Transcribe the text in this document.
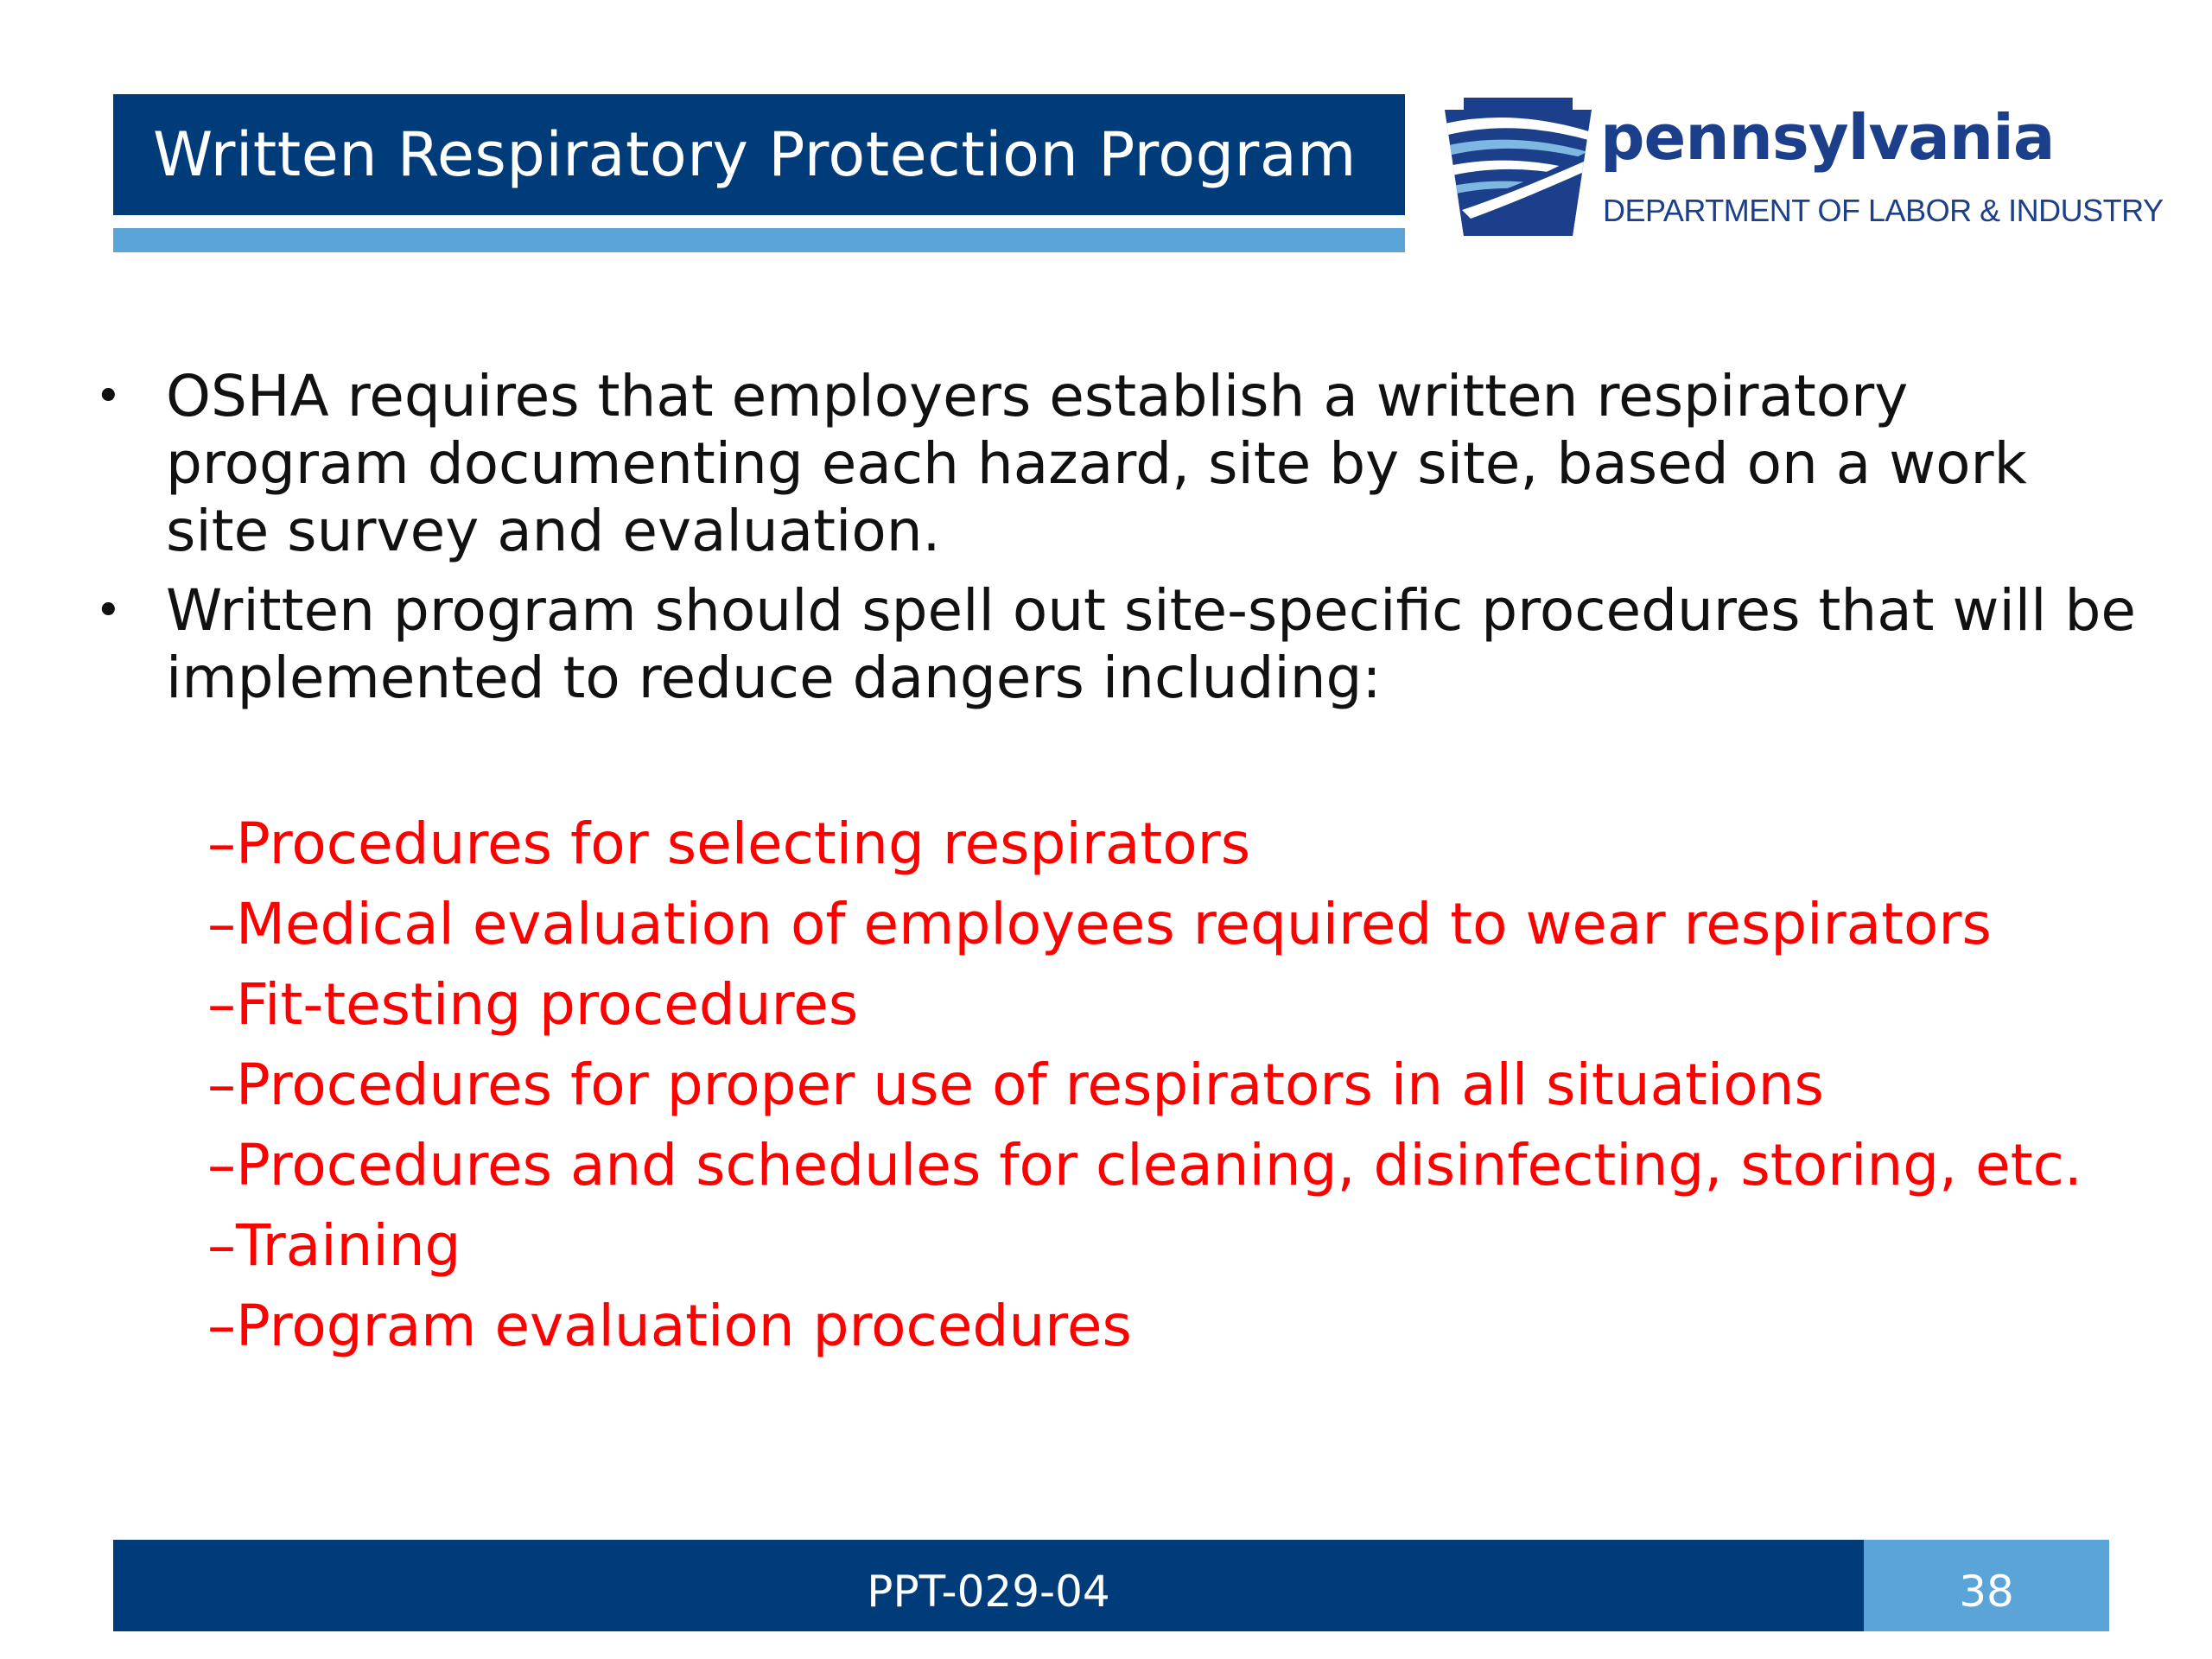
Written Respiratory Protection Program	pennsylvania
DEPARTMENT OF LABOR & INDUSTRY
• OSHA requires that employers establish a written respiratory program documenting each hazard, site by site, based on a work site survey and evaluation.
• Written program should spell out site-specific procedures that will be implemented to reduce dangers including:
–Procedures for selecting respirators
–Medical evaluation of employees required to wear respirators
–Fit-testing procedures
–Procedures for proper use of respirators in all situations
–Procedures and schedules for cleaning, disinfecting, storing, etc.
–Training
–Program evaluation procedures
PPT-029-04	38
